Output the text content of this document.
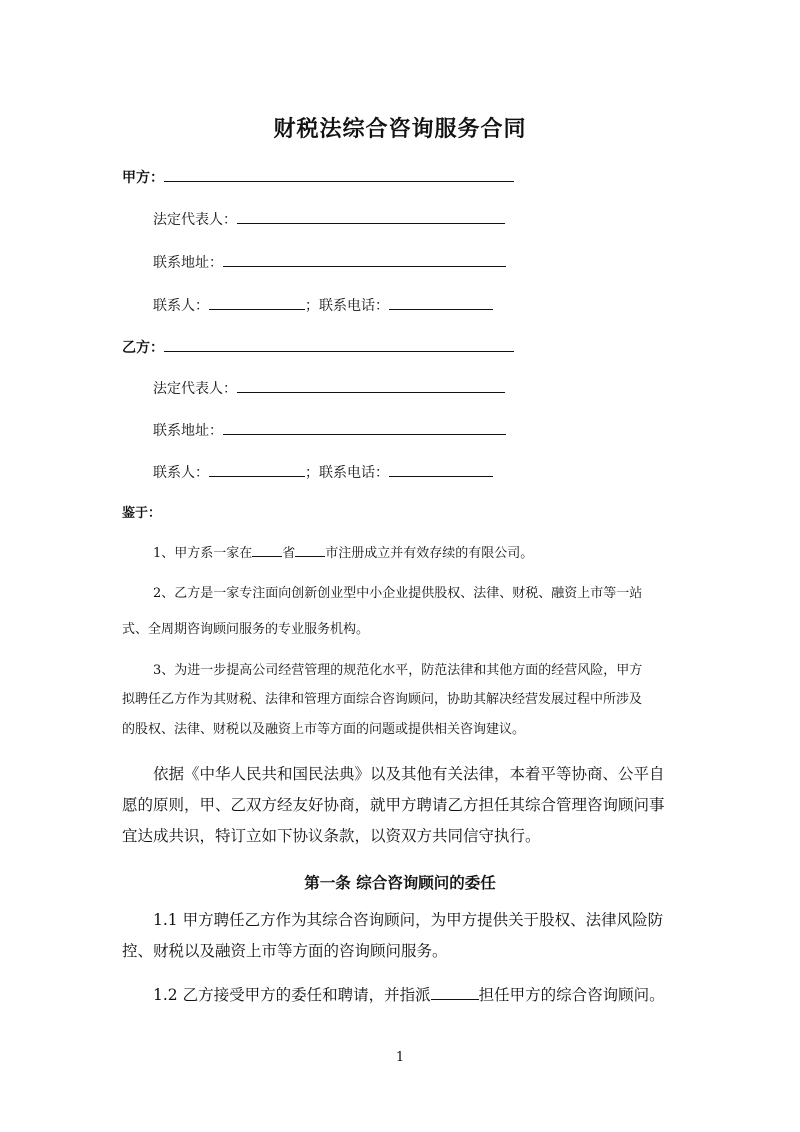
财税法综合咨询服务合同
甲方：
法定代表人：
联系地址：
联系人：	；联系电话：
乙方：
法定代表人：
联系地址：
联系人：	；联系电话：
鉴于：
1、甲方系一家在 省 市注册成立并有效存续的有限公司。
2、乙方是一家专注面向创新创业型中小企业提供股权、法律、财税、融资上市等一站
式、全周期咨询顾问服务的专业服务机构。
3、为进一步提高公司经营管理的规范化水平，防范法律和其他方面的经营风险，甲方
拟聘任乙方作为其财税、法律和管理方面综合咨询顾问，协助其解决经营发展过程中所涉及
的股权、法律、财税以及融资上市等方面的问题或提供相关咨询建议。
依据《中华人民共和国民法典》以及其他有关法律，本着平等协商、公平自
愿的原则，甲、乙双方经友好协商，就甲方聘请乙方担任其综合管理咨询顾问事
宜达成共识，特订立如下协议条款，以资双方共同信守执行。
第一条 综合咨询顾问的委任
1.1 甲方聘任乙方作为其综合咨询顾问，为甲方提供关于股权、法律风险防
控、财税以及融资上市等方面的咨询顾问服务。
1.2 乙方接受甲方的委任和聘请，并指派	担任甲方的综合咨询顾问。
1
